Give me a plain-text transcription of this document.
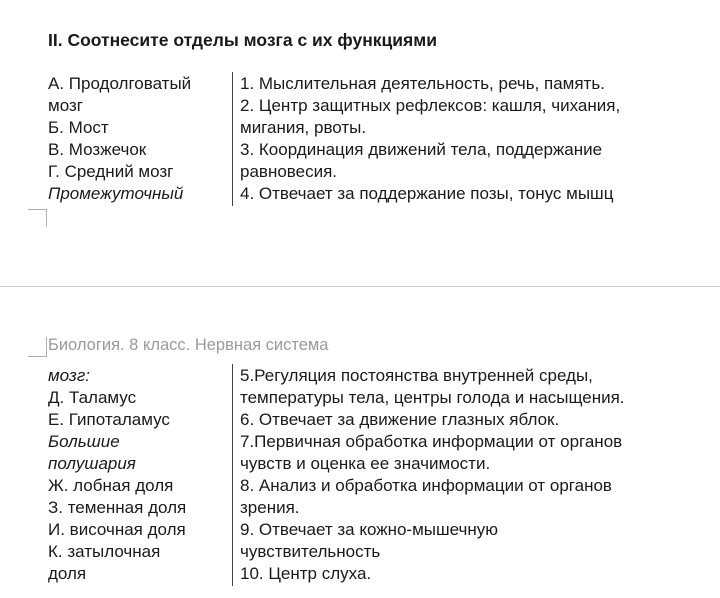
II. Соотнесите отделы мозга с их функциями
А. Продолговатый
мозг
Б. Мост
В. Мозжечок
Г. Средний мозг
Промежуточный
1. Мыслительная деятельность, речь, память.
2. Центр защитных рефлексов: кашля, чихания,
мигания, рвоты.
3. Координация движений тела, поддержание
равновесия.
4. Отвечает за поддержание позы, тонус мышц
Биология. 8 класс. Нервная система
мозг:
Д. Таламус
Е. Гипоталамус
Большие
полушария
Ж. лобная доля
З. теменная доля
И. височная доля
К. затылочная
доля
5.Регуляция постоянства внутренней среды,
температуры тела, центры голода и насыщения.
6. Отвечает за движение глазных яблок.
7.Первичная обработка информации от органов
чувств и оценка ее значимости.
8. Анализ и обработка информации от органов
зрения.
9. Отвечает за кожно-мышечную
чувствительность
10. Центр слуха.
